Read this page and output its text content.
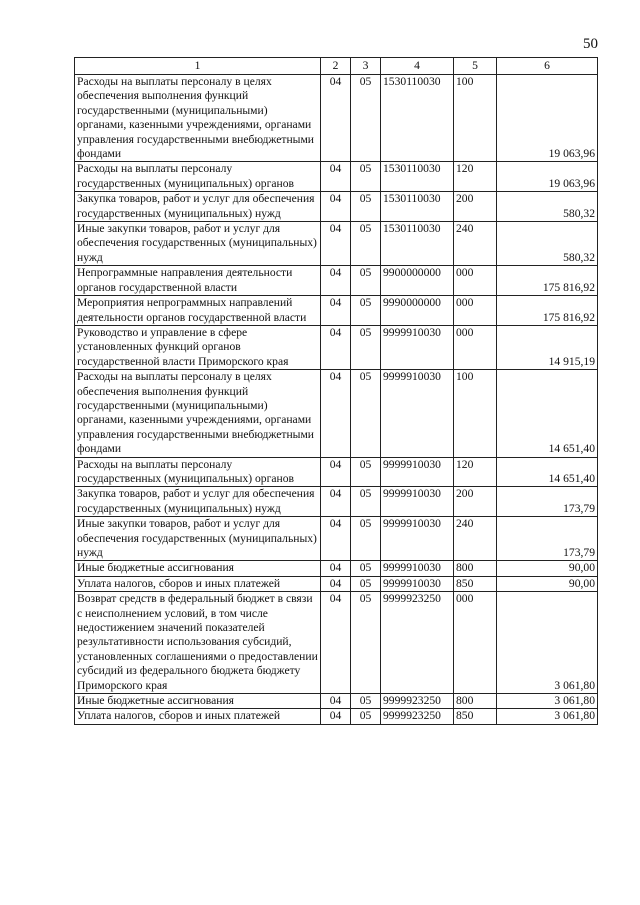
50
1	2	3	4	5	6
Расходы на выплаты персоналу в целях обеспечения выполнения функций государственными (муниципальными) органами, казенными учреждениями, органами управления государственными внебюджетными фондами	04	05	1530110030	100	19 063,96
Расходы на выплаты персоналу государственных (муниципальных) органов	04	05	1530110030	120	19 063,96
Закупка товаров, работ и услуг для обеспечения государственных (муниципальных) нужд	04	05	1530110030	200	580,32
Иные закупки товаров, работ и услуг для обеспечения государственных (муниципальных) нужд	04	05	1530110030	240	580,32
Непрограммные направления деятельности органов государственной власти	04	05	9900000000	000	175 816,92
Мероприятия непрограммных направлений деятельности органов государственной власти	04	05	9990000000	000	175 816,92
Руководство и управление в сфере установленных функций органов государственной власти Приморского края	04	05	9999910030	000	14 915,19
Расходы на выплаты персоналу в целях обеспечения выполнения функций государственными (муниципальными) органами, казенными учреждениями, органами управления государственными внебюджетными фондами	04	05	9999910030	100	14 651,40
Расходы на выплаты персоналу государственных (муниципальных) органов	04	05	9999910030	120	14 651,40
Закупка товаров, работ и услуг для обеспечения государственных (муниципальных) нужд	04	05	9999910030	200	173,79
Иные закупки товаров, работ и услуг для обеспечения государственных (муниципальных) нужд	04	05	9999910030	240	173,79
Иные бюджетные ассигнования	04	05	9999910030	800	90,00
Уплата налогов, сборов и иных платежей	04	05	9999910030	850	90,00
Возврат средств в федеральный бюджет в связи с неисполнением условий, в том числе недостижением значений показателей результативности использования субсидий, установленных соглашениями о предоставлении субсидий из федерального бюджета бюджету Приморского края	04	05	9999923250	000	3 061,80
Иные бюджетные ассигнования	04	05	9999923250	800	3 061,80
Уплата налогов, сборов и иных платежей	04	05	9999923250	850	3 061,80
